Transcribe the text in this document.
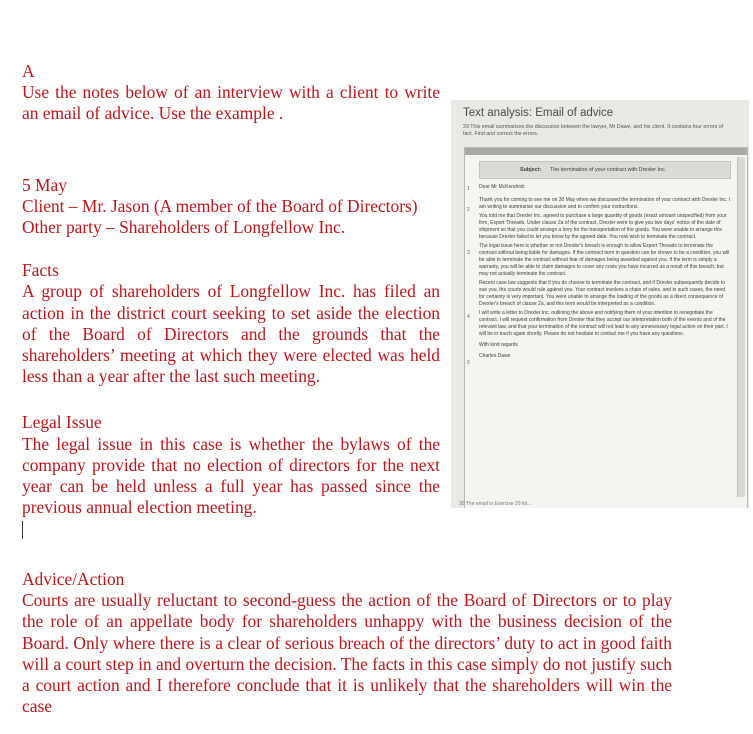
A

Use the notes below of an interview with a client to write an email of advice. Use the example .

5 May

Client – Mr. Jason (A member of the Board of Directors)

Other party – Shareholders of Longfellow Inc.

Facts

A group of shareholders of Longfellow Inc. has filed an action in the district court seeking to set aside the election of the Board of Directors and the grounds that the shareholders’ meeting at which they were elected was held less than a year after the last such meeting.

Legal Issue

The legal issue in this case is whether the bylaws of the company provide that no election of directors for the next year can be held unless a full year has passed since the previous annual election meeting.

Advice/Action

Courts are usually reluctant to second-guess the action of the Board of Directors or to play the role of an appellate body for shareholders unhappy with the business decision of the Board. Only where there is a clear of serious breach of the directors’ duty to act in good faith will a court step in and overturn the decision. The facts in this case simply do not justify such a court action and I therefore conclude that it is unlikely that the shareholders will win the case

Text analysis: Email of advice
29 This email summarises the discussion between the lawyer, Mr Dawe, and his client. It contains four errors of fact. Find and correct the errors.
Subject: The termination of your contract with Drexler Inc.

Dear Mr McKendrick

Thank you for coming to see me on 30 May when we discussed the termination of your contract with Drexler Inc. I am writing to summarise our discussion and to confirm your instructions.

You told me that Drexler Inc. agreed to purchase a large quantity of goods (exact amount unspecified) from your firm, Export Threads. Under clause 2a of the contract, Drexler were to give you two days' notice of the date of shipment so that you could arrange a lorry for the transportation of the goods. You were unable to arrange this because Drexler failed to let you know by the agreed date. You now wish to terminate the contract.

The legal issue here is whether or not Drexler's breach is enough to allow Export Threads to terminate the contract without being liable for damages. If the contract term in question can be shown to be a condition, you will be able to terminate the contract without fear of damages being awarded against you. If the term is simply a warranty, you will be able to claim damages to cover any costs you have incurred as a result of this breach, but may not actually terminate the contract.

Recent case law suggests that if you do choose to terminate the contract, and if Drexler subsequently decide to sue you, the courts would rule against you. Your contract involves a chain of sales, and in such cases, the need for certainty is very important. You were unable to arrange the loading of the goods as a direct consequence of Drexler's breach of clause 2a, and this term would be interpreted as a condition.

I will write a letter to Drexler Inc. outlining the above and notifying them of your intention to renegotiate the contract. I will request confirmation from Drexler that they accept our interpretation both of the events and of the relevant law, and that your termination of the contract will not lead to any unnecessary legal action on their part. I will be in touch again shortly. Please do not hesitate to contact me if you have any questions.

With kind regards

Charles Dawe

1
2
3
4
5
30 The email in Exercise 29 fol...
